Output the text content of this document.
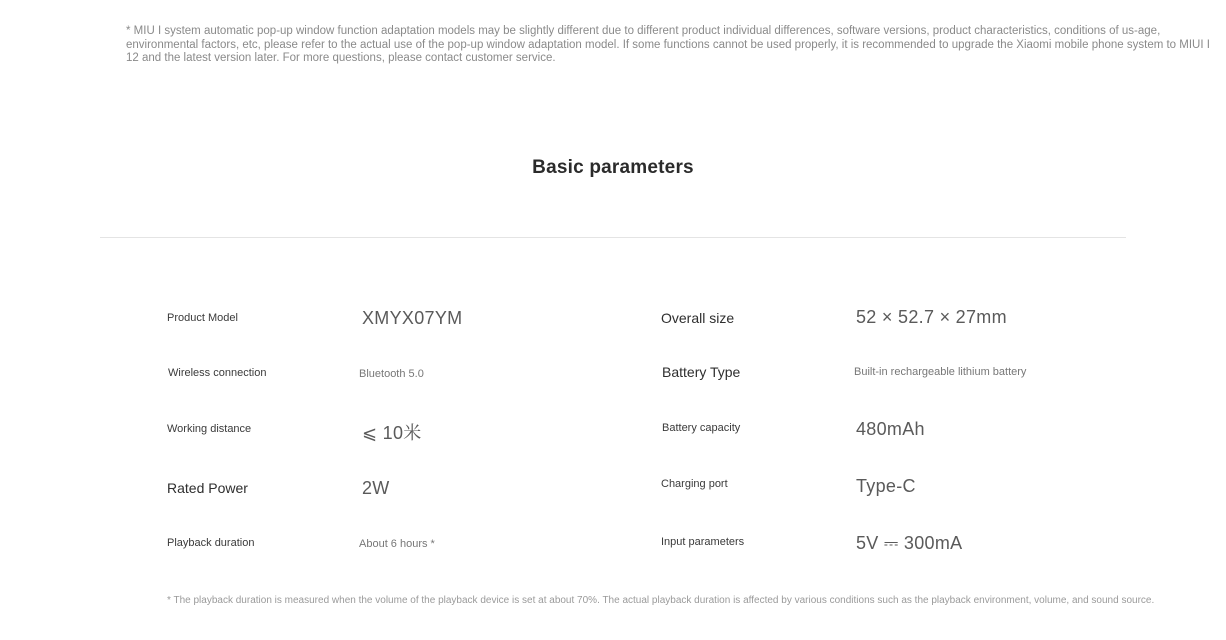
* MIU I system automatic pop-up window function adaptation models may be slightly different due to different product individual differences, software versions, product characteristics, conditions of us-age, environmental factors, etc, please refer to the actual use of the pop-up window adaptation model. If some functions cannot be used properly, it is recommended to upgrade the Xiaomi mobile phone system to MIUI I 12 and the latest version later. For more questions, please contact customer service.

Basic parameters
Product Model	XMYX07YM
Wireless connection	Bluetooth 5.0
Working distance	⩽ 10米
Rated Power	2W
Playback duration	About 6 hours *
Overall size	52 × 52.7 × 27mm
Battery Type	Built-in rechargeable lithium battery
Battery capacity	480mAh
Charging port	Type-C
Input parameters	5V ⎓ 300mA

* The playback duration is measured when the volume of the playback device is set at about 70%. The actual playback duration is affected by various conditions such as the playback environment, volume, and sound source.
